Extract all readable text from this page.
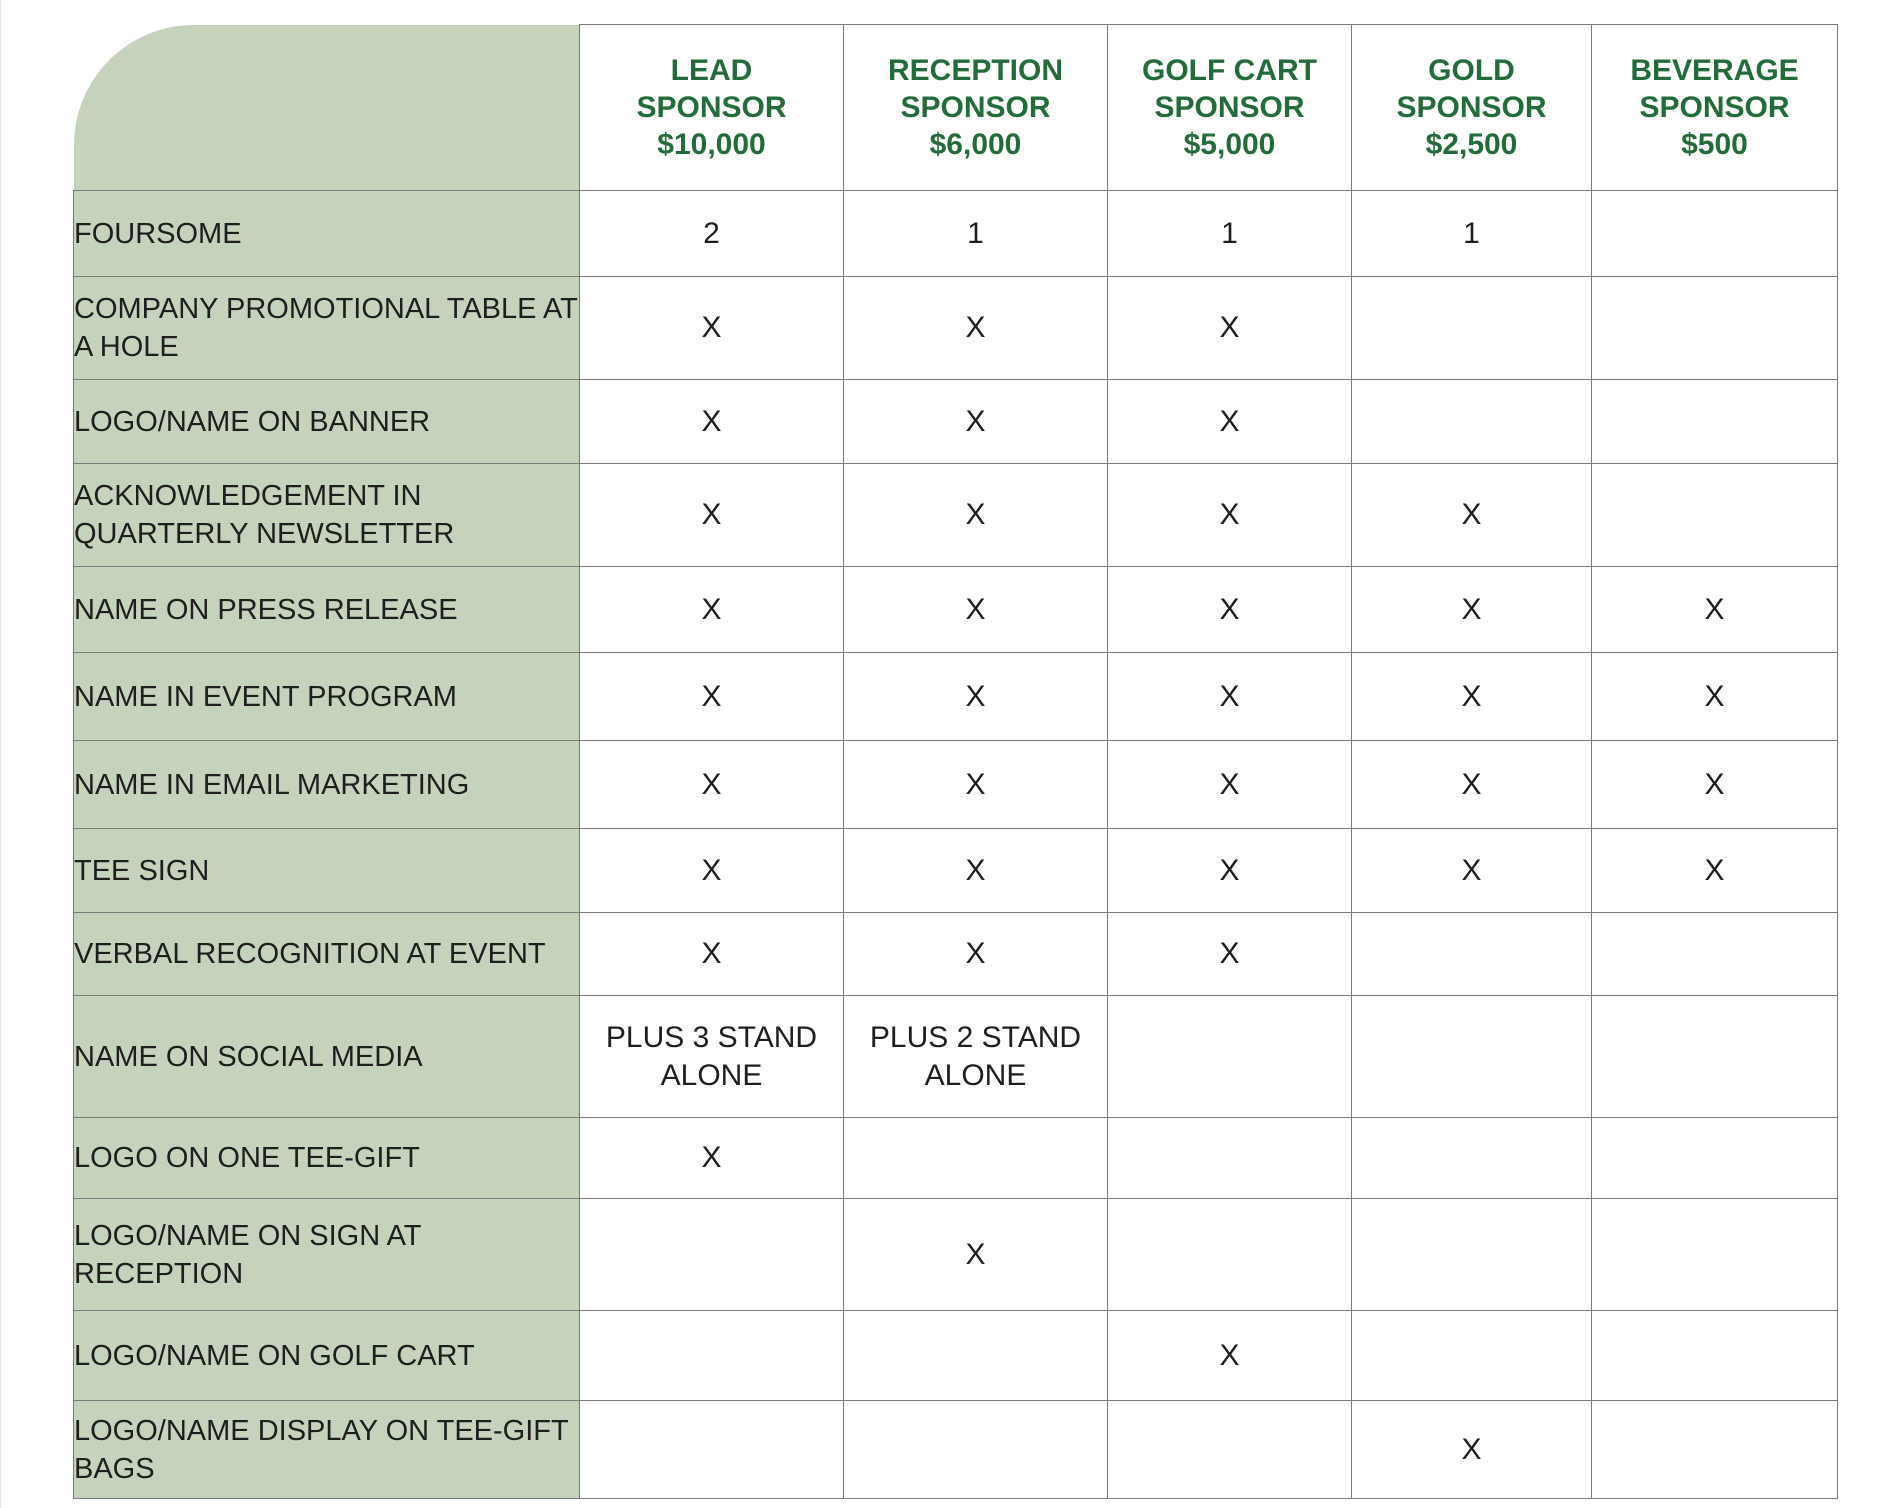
	LEAD
SPONSOR
$10,000	RECEPTION
SPONSOR
$6,000	GOLF CART
SPONSOR
$5,000	GOLD
SPONSOR
$2,500	BEVERAGE
SPONSOR
$500

FOURSOME	2	1	1	1	
COMPANY PROMOTIONAL TABLE AT A HOLE	X	X	X		
LOGO/NAME ON BANNER	X	X	X		
ACKNOWLEDGEMENT IN QUARTERLY NEWSLETTER	X	X	X	X	
NAME ON PRESS RELEASE	X	X	X	X	X
NAME IN EVENT PROGRAM	X	X	X	X	X
NAME IN EMAIL MARKETING	X	X	X	X	X
TEE SIGN	X	X	X	X	X
VERBAL RECOGNITION AT EVENT	X	X	X		
NAME ON SOCIAL MEDIA	PLUS 3 STAND ALONE	PLUS 2 STAND ALONE			
LOGO ON ONE TEE-GIFT	X				
LOGO/NAME ON SIGN AT RECEPTION		X			
LOGO/NAME ON GOLF CART			X		
LOGO/NAME DISPLAY ON TEE-GIFT BAGS				X	
